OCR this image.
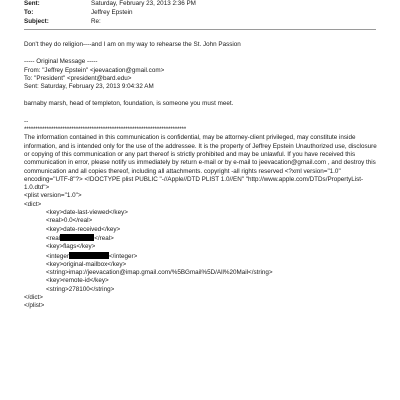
Sent:	Saturday, February 23, 2013 2:36 PM
To:	Jeffrey Epstein
Subject:	Re:

Don't they do religion----and I am on my way to rehearse the St. John Passion

----- Original Message -----

From: "Jeffrey Epstein" <jeevacation@gmail.com>

To: "President" <president@bard.edu>

Sent: Saturday, February 23, 2013 9:04:32 AM

barnaby marsh, head of templeton, foundation, is someone you must meet.

--

************************************************************************

The information contained in this communication is confidential, may be attorney-client privileged, may constitute inside information, and is intended only for the use of the addressee. It is the property of Jeffrey Epstein Unauthorized use, disclosure or copying of this communication or any part thereof is strictly prohibited and may be unlawful. If you have received this communication in error, please notify us immediately by return e-mail or by e-mail to jeevacation@gmail.com , and destroy this communication and all copies thereof, including all attachments. copyright -all rights reserved <?xml version="1.0" encoding="UTF-8"?> <!DOCTYPE plist PUBLIC "-//Apple//DTD PLIST 1.0//EN" "http://www.apple.com/DTDs/PropertyList-1.0.dtd">

<plist version="1.0">
<dict>
<key>date-last-viewed</key>
<real>0.0</real>
<key>date-received</key>
<real	</real>
<key>flags</key>
<integer	</integer>
<key>original-mailbox</key>
<string>imap://jeevacation@imap.gmail.com/%5BGmail%5D/All%20Mail</string>
<key>remote-id</key>
<string>278100</string>
</dict>
</plist>
